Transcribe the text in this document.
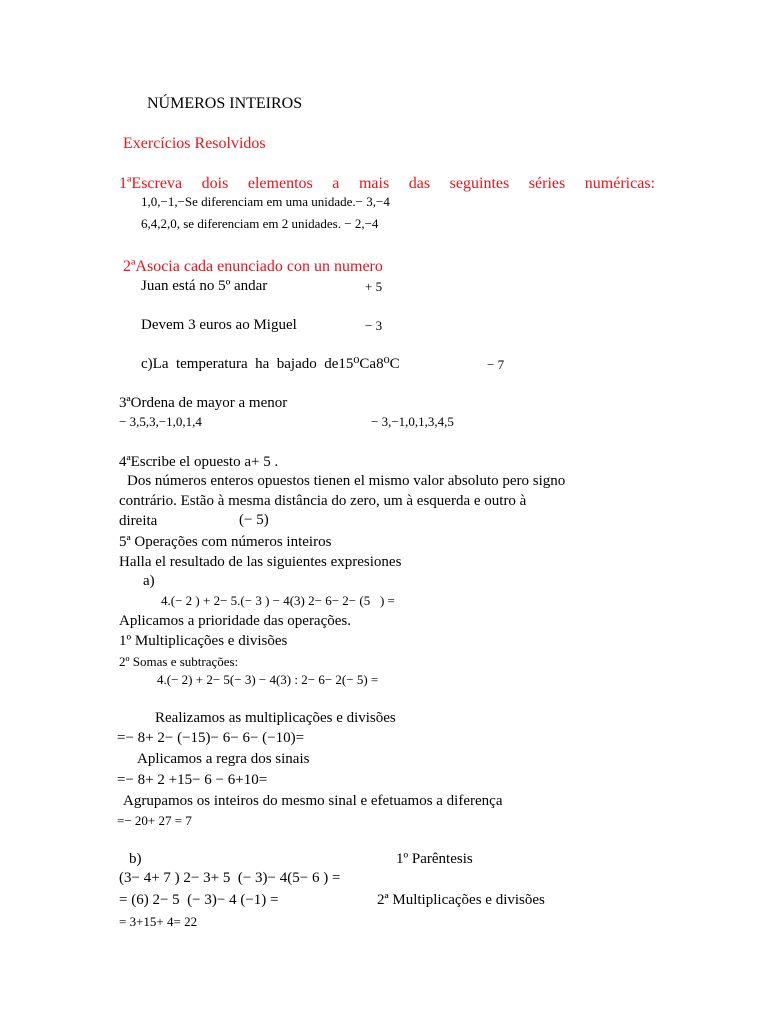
NÚMEROS INTEIROS
Exercícios Resolvidos
1ªEscreva dois elementos a mais das seguintes séries numéricas:
1,0,−1,−Se diferenciam em uma unidade.− 3,−4
6,4,2,0, se diferenciam em 2 unidades. − 2,−4
2ªAsocia cada enunciado con un numero
Juan está no 5º andar	+ 5
Devem 3 euros ao Miguel	− 3
c)La  temperatura  ha  bajado  de15⁰Ca8⁰C	− 7
3ªOrdena de mayor a menor
− 3,5,3,−1,0,1,4	− 3,−1,0,1,3,4,5
4ªEscribe el opuesto a+ 5 .
Dos números enteros opuestos tienen el mismo valor absoluto pero signo
contrário. Estão à mesma distância do zero, um à esquerda e outro à
direita	(− 5)
5ª Operações com números inteiros
Halla el resultado de las siguientes expresiones
a)
4.(− 2 ) + 2− 5.(− 3 ) − 4(3) 2− 6− 2− (5   ) =
Aplicamos a prioridade das operações.
1º Multiplicações e divisões
2º Somas e subtrações:
4.(− 2) + 2− 5(− 3) − 4(3) : 2− 6− 2(− 5) =
Realizamos as multiplicações e divisões
=− 8+ 2− (−15)− 6− 6− (−10)=
Aplicamos a regra dos sinais
=− 8+ 2 +15− 6 − 6+10=
Agrupamos os inteiros do mesmo sinal e efetuamos a diferença
=− 20+ 27 = 7
b)	1º Parêntesis
(3− 4+ 7 ) 2− 3+ 5  (− 3)− 4(5− 6 ) =
= (6) 2− 5  (− 3)− 4 (−1) =	2ª Multiplicações e divisões
= 3+15+ 4= 22
